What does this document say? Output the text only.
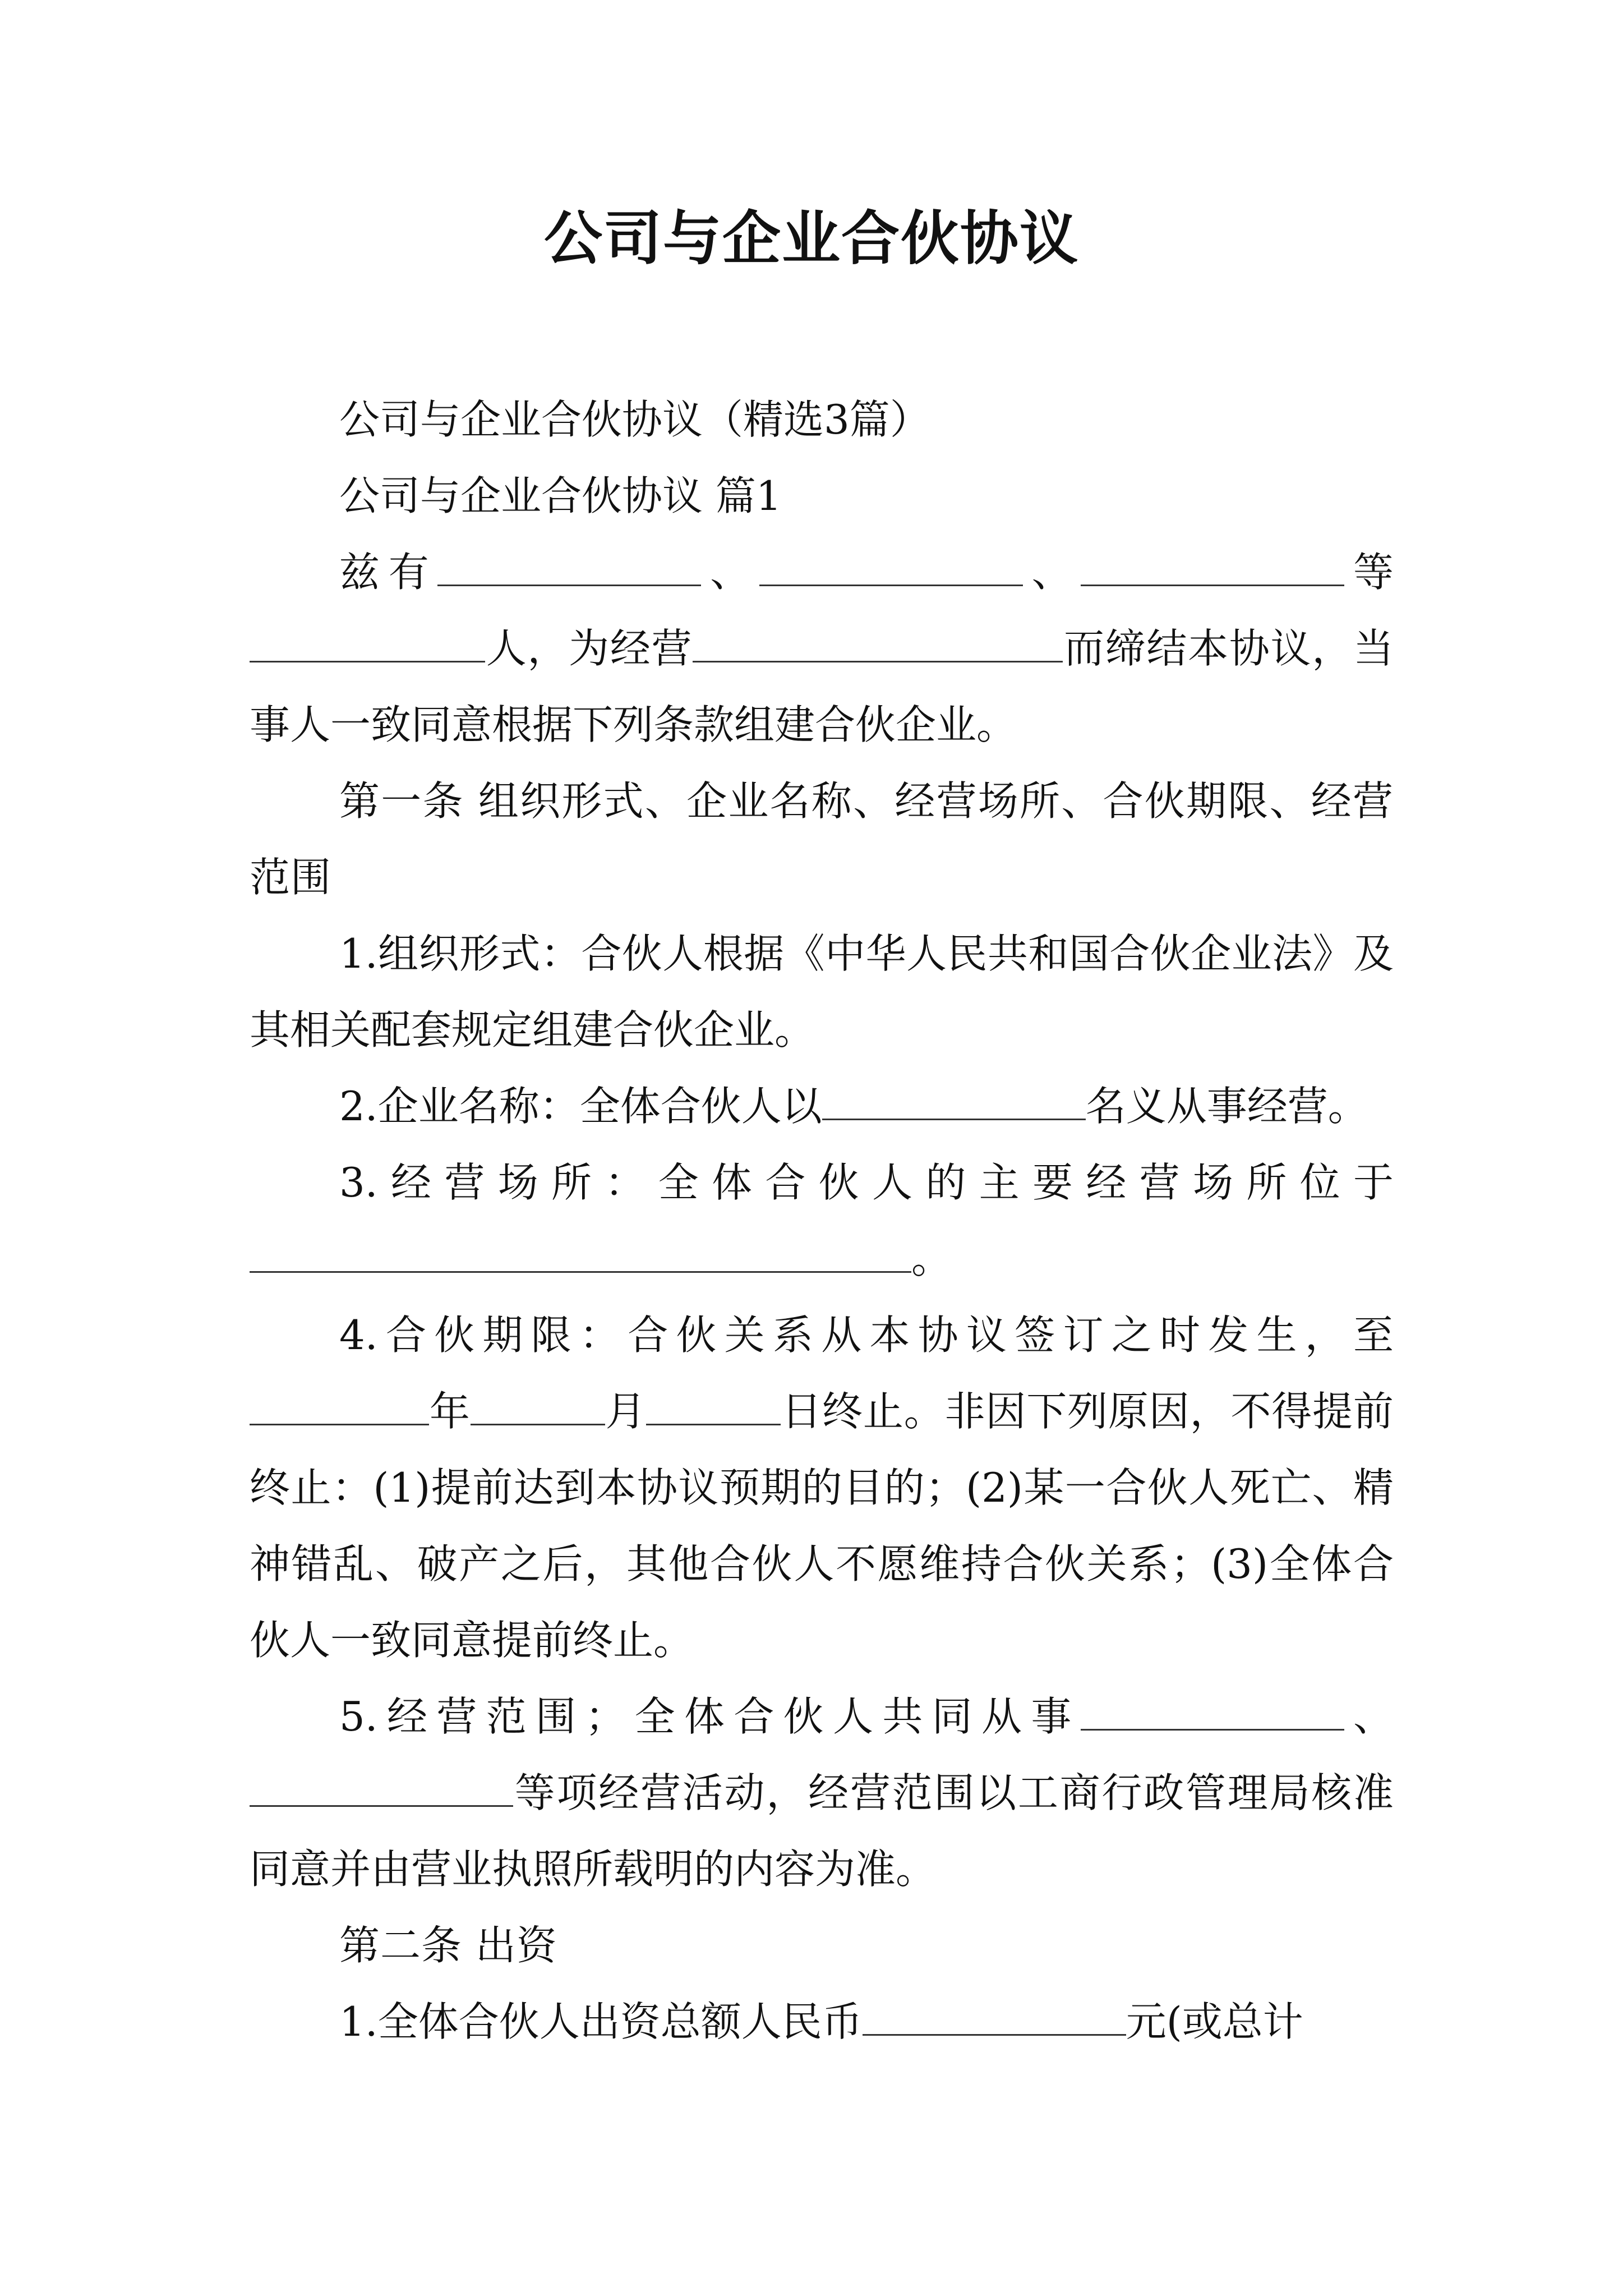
公司与企业合伙协议

公司与企业合伙协议（精选3篇）

公司与企业合伙协议 篇1

兹有	、	、	等人，为经营	而缔结本协议，当事人一致同意根据下列条款组建合伙企业。

第一条 组织形式、企业名称、经营场所、合伙期限、经营范围

1.组织形式：合伙人根据《中华人民共和国合伙企业法》及其相关配套规定组建合伙企业。

2.企业名称：全体合伙人以	名义从事经营。

3.经营场所：全体合伙人的主要经营场所位于。

4.合伙期限：合伙关系从本协议签订之时发生，至年	月	日终止。非因下列原因，不得提前终止：(1)提前达到本协议预期的目的；(2)某一合伙人死亡、精神错乱、破产之后，其他合伙人不愿维持合伙关系；(3)全体合伙人一致同意提前终止。

5.经营范围；全体合伙人共同从事	、等项经营活动，经营范围以工商行政管理局核准同意并由营业执照所载明的内容为准。

第二条 出资

1.全体合伙人出资总额人民币	元(或总计
